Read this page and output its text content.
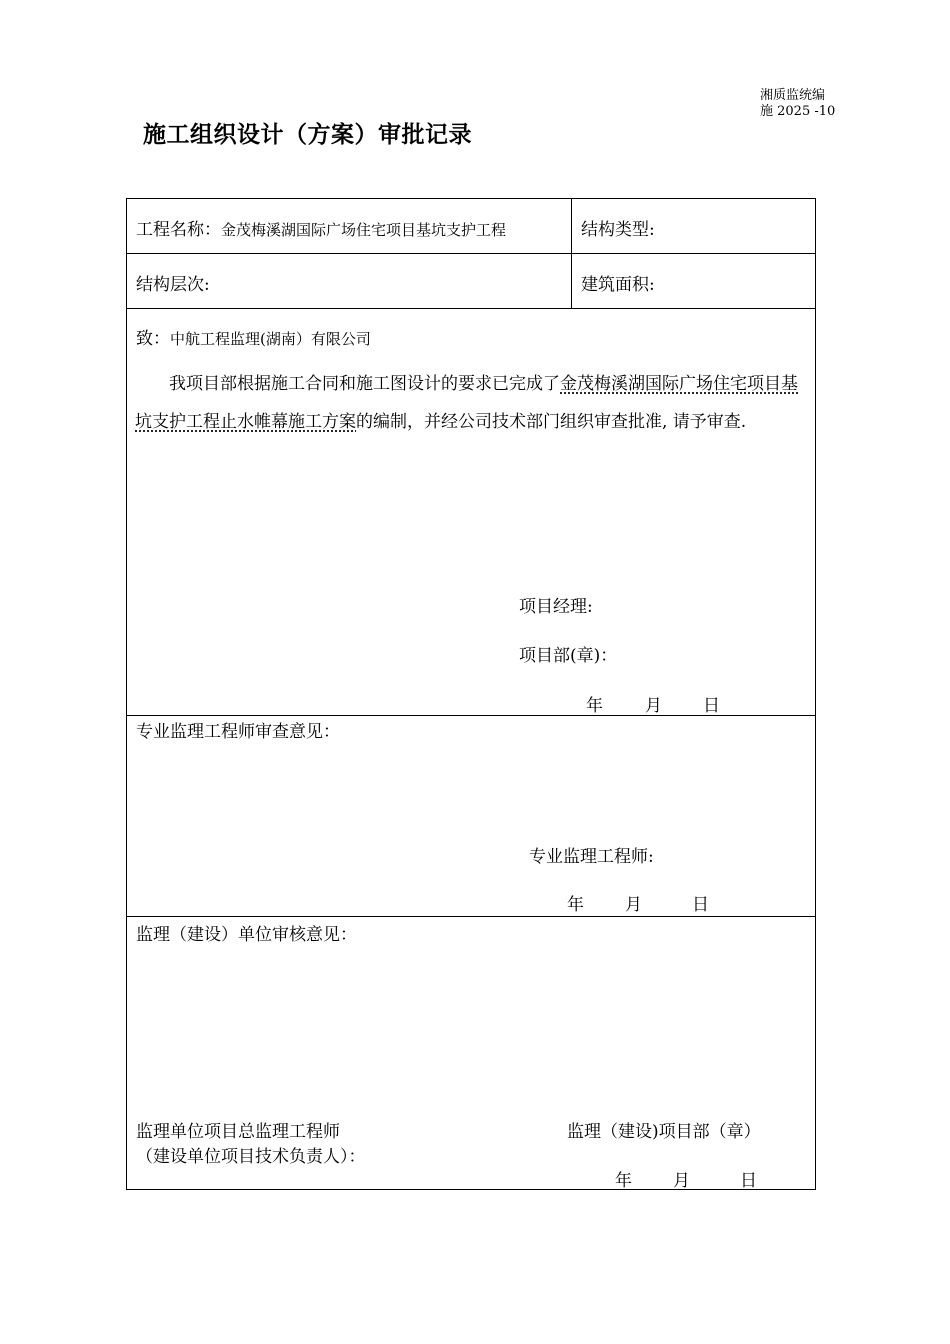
湘质监统编
施 2025 -10
施工组织设计（方案）审批记录
工程名称：金茂梅溪湖国际广场住宅项目基坑支护工程	结构类型:
结构层次:	建筑面积:
致：中航工程监理(湖南）有限公司
我项目部根据施工合同和施工图设计的要求已完成了金茂梅溪湖国际广场住宅项目基坑支护工程止水帷幕施工方案的编制，并经公司技术部门组织审查批准, 请予审查.
项目经理:
项目部(章)：
年 月 日
专业监理工程师审查意见：
专业监理工程师:
年 月	日
监理（建设）单位审核意见：
监理单位项目总监理工程师
（建设单位项目技术负责人）：
监理（建设)项目部（章）
年 月	日
